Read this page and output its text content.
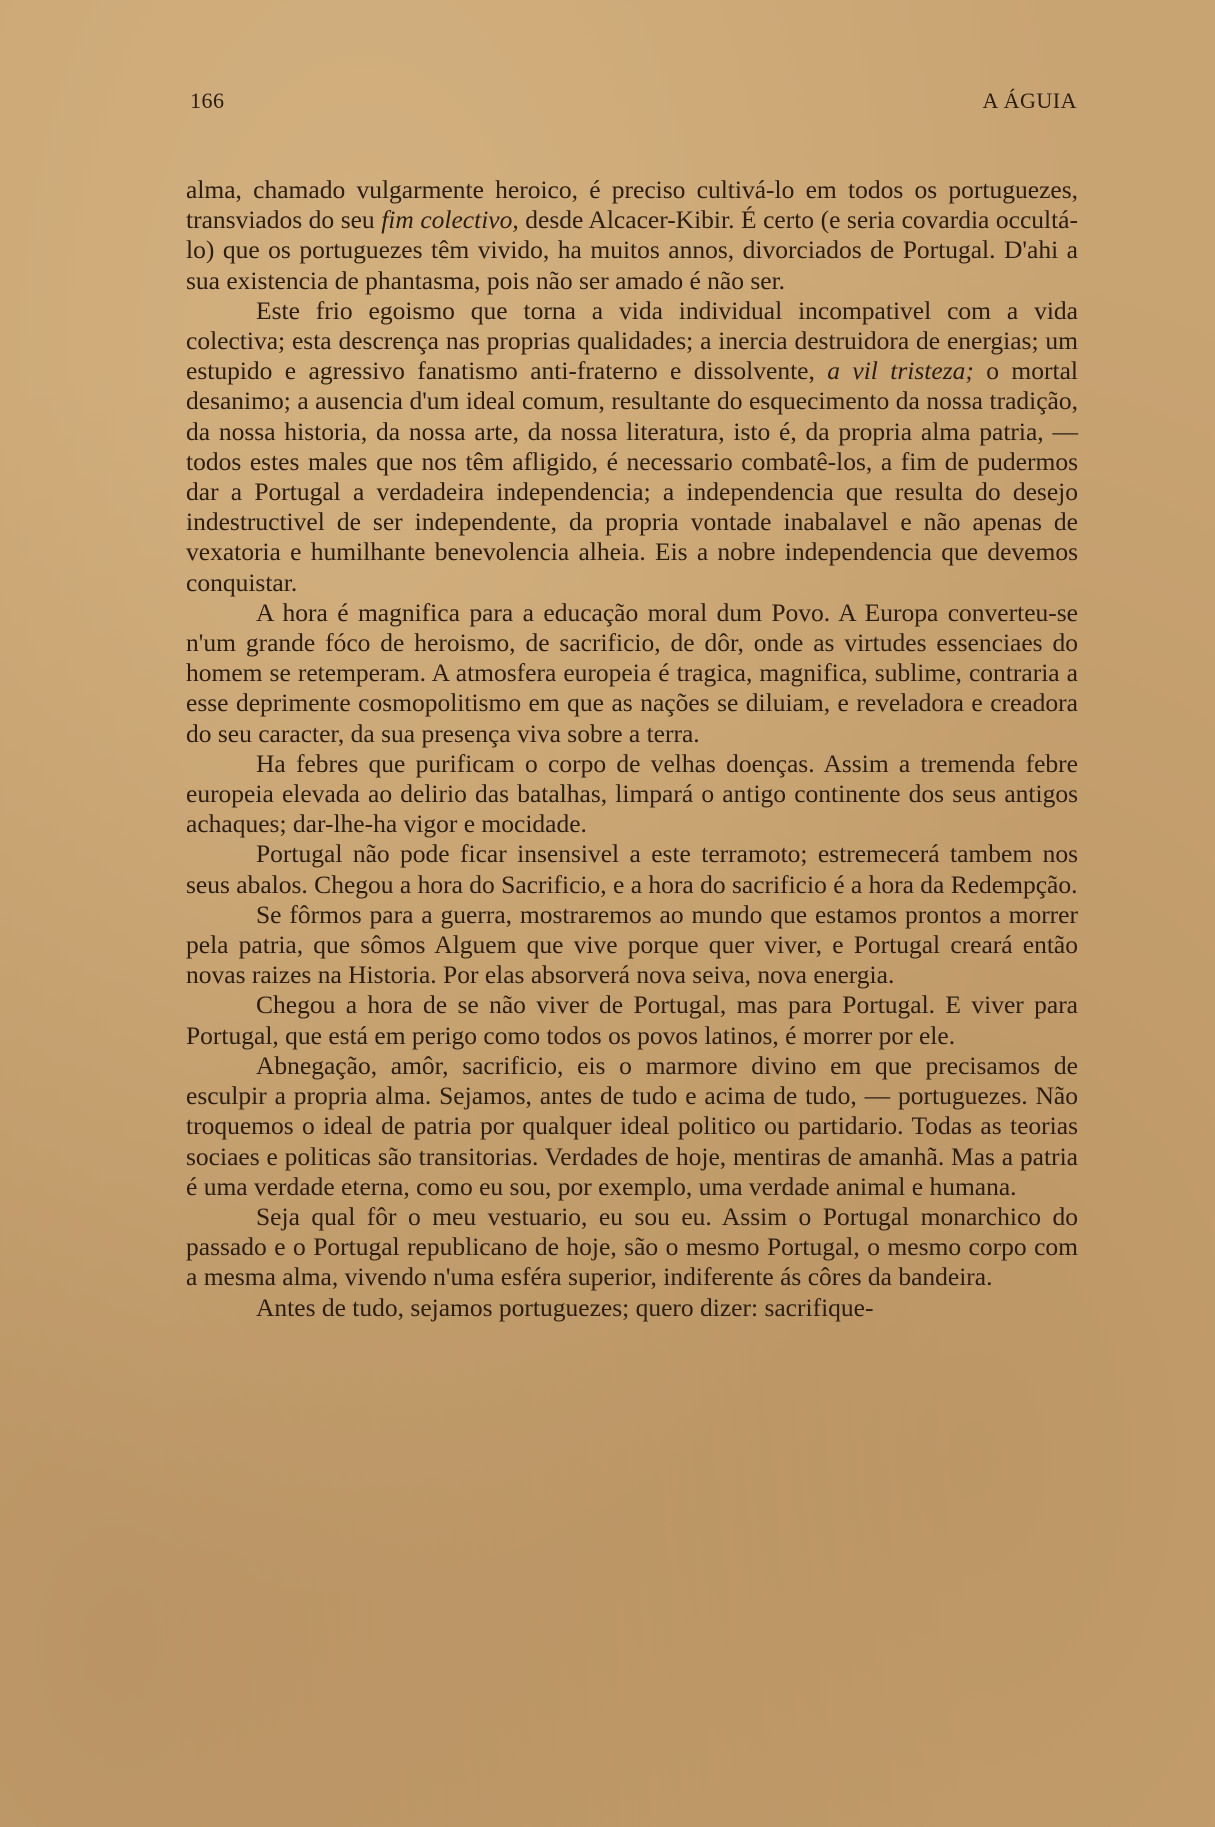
166	A ÁGUIA

alma, chamado vulgarmente heroico, é preciso cultivá-lo em todos os portuguezes, transviados do seu fim colectivo, desde Alcacer-Kibir. É certo (e seria covardia occultá-lo) que os portuguezes têm vivido, ha muitos annos, divorciados de Portugal. D'ahi a sua existencia de phantasma, pois não ser amado é não ser.

Este frio egoismo que torna a vida individual incompativel com a vida colectiva; esta descrença nas proprias qualidades; a inercia destruidora de energias; um estupido e agressivo fanatismo anti-fraterno e dissolvente, a vil tristeza; o mortal desanimo; a ausencia d'um ideal comum, resultante do esquecimento da nossa tradição, da nossa historia, da nossa arte, da nossa literatura, isto é, da propria alma patria, — todos estes males que nos têm afligido, é necessario combatê-los, a fim de pudermos dar a Portugal a verdadeira independencia; a independencia que resulta do desejo indestructivel de ser independente, da propria vontade inabalavel e não apenas de vexatoria e humilhante benevolencia alheia. Eis a nobre independencia que devemos conquistar.

A hora é magnifica para a educação moral dum Povo. A Europa converteu-se n'um grande fóco de heroismo, de sacrificio, de dôr, onde as virtudes essenciaes do homem se retemperam. A atmosfera europeia é tragica, magnifica, sublime, contraria a esse deprimente cosmopolitismo em que as nações se diluiam, e reveladora e creadora do seu caracter, da sua presença viva sobre a terra.

Ha febres que purificam o corpo de velhas doenças. Assim a tremenda febre europeia elevada ao delirio das batalhas, limpará o antigo continente dos seus antigos achaques; dar-lhe-ha vigor e mocidade.

Portugal não pode ficar insensivel a este terramoto; estremecerá tambem nos seus abalos. Chegou a hora do Sacrificio, e a hora do sacrificio é a hora da Redempção.

Se fôrmos para a guerra, mostraremos ao mundo que estamos prontos a morrer pela patria, que sômos Alguem que vive porque quer viver, e Portugal creará então novas raizes na Historia. Por elas absorverá nova seiva, nova energia.

Chegou a hora de se não viver de Portugal, mas para Portugal. E viver para Portugal, que está em perigo como todos os povos latinos, é morrer por ele.

Abnegação, amôr, sacrificio, eis o marmore divino em que precisamos de esculpir a propria alma. Sejamos, antes de tudo e acima de tudo, — portuguezes. Não troquemos o ideal de patria por qualquer ideal politico ou partidario. Todas as teorias sociaes e politicas são transitorias. Verdades de hoje, mentiras de amanhã. Mas a patria é uma verdade eterna, como eu sou, por exemplo, uma verdade animal e humana.

Seja qual fôr o meu vestuario, eu sou eu. Assim o Portugal monarchico do passado e o Portugal republicano de hoje, são o mesmo Portugal, o mesmo corpo com a mesma alma, vivendo n'uma esféra superior, indiferente ás côres da bandeira.

Antes de tudo, sejamos portuguezes; quero dizer: sacrifique-
